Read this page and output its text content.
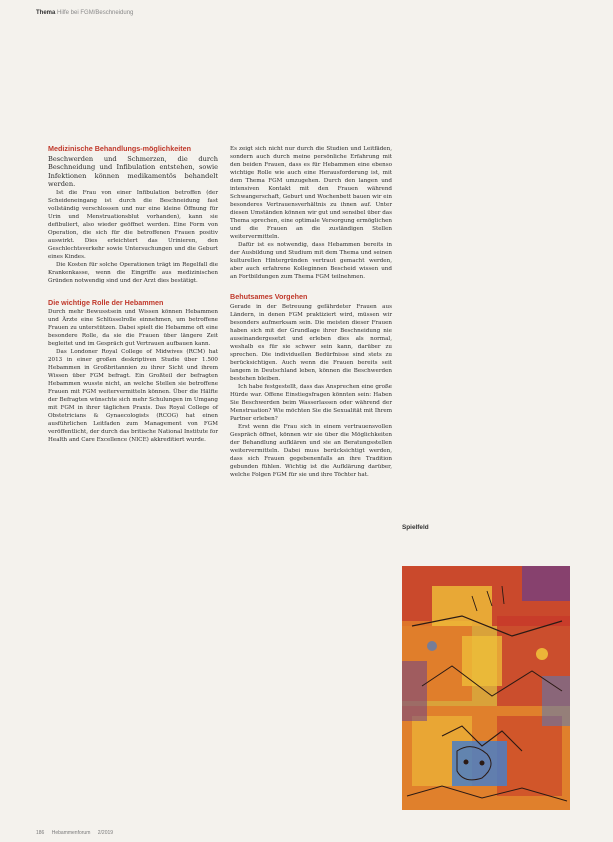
Thema Hilfe bei FGM/Beschneidung
Medizinische Behandlungs-möglichkeiten

Beschwerden und Schmerzen, die durch Beschneidung und Infibulation entstehen, sowie Infektionen können medikamentös behandelt werden.

Ist die Frau von einer Infibulation betroffen (der Scheideneingang ist durch die Beschneidung fast vollständig verschlossen und nur eine kleine Öffnung für Urin und Menstruationsblut vorhanden), kann sie defibuliert, also wieder geöffnet werden. Eine Form von Operation, die sich für die betroffenen Frauen positiv auswirkt. Dies erleichtert das Urinieren, den Geschlechtsverkehr sowie Untersuchungen und die Geburt eines Kindes.

Die Kosten für solche Operationen trägt im Regelfall die Krankenkasse, wenn die Eingriffe aus medizinischen Gründen notwendig sind und der Arzt dies bestätigt.

Die wichtige Rolle der Hebammen

Durch mehr Bewusstsein und Wissen können Hebammen und Ärzte eine Schlüsselrolle einnehmen, um betroffene Frauen zu unterstützen. Dabei spielt die Hebamme oft eine besondere Rolle, da sie die Frauen über längere Zeit begleitet und im Gespräch gut Vertrauen aufbauen kann.

Das Londoner Royal College of Midwives (RCM) hat 2013 in einer großen deskriptiven Studie über 1.500 Hebammen in Großbritannien zu ihrer Sicht und ihrem Wissen über FGM befragt. Ein Großteil der befragten Hebammen wusste nicht, an welche Stellen sie betroffene Frauen mit FGM weitervermitteln können. Über die Hälfte der Befragten wünschte sich mehr Schulungen im Umgang mit FGM in ihrer täglichen Praxis. Das Royal College of Obstetricians & Gynaecologists (RCOG) hat einen ausführlichen Leitfaden zum Management von FGM veröffentlicht, der durch das britische National Institute for Health and Care Excellence (NICE) akkreditiert wurde.

Es zeigt sich nicht nur durch die Studien und Leitfäden, sondern auch durch meine persönliche Erfahrung mit den beiden Frauen, dass es für Hebammen eine ebenso wichtige Rolle wie auch eine Herausforderung ist, mit dem Thema FGM umzugehen. Durch den langen und intensiven Kontakt mit den Frauen während Schwangerschaft, Geburt und Wochenbett bauen wir ein besonderes Vertrauensverhältnis zu ihnen auf. Unter diesen Umständen können wir gut und sensibel über das Thema sprechen, eine optimale Versorgung ermöglichen und die Frauen an die zuständigen Stellen weitervermitteln.

Dafür ist es notwendig, dass Hebammen bereits in der Ausbildung und Studium mit dem Thema und seinen kulturellen Hintergründen vertraut gemacht werden, aber auch erfahrene Kolleginnen Bescheid wissen und an Fortbildungen zum Thema FGM teilnehmen.

Behutsames Vorgehen

Gerade in der Betreuung gefährdeter Frauen aus Ländern, in denen FGM praktiziert wird, müssen wir besonders aufmerksam sein. Die meisten dieser Frauen haben sich mit der Grundlage ihrer Beschneidung nie auseinandergesetzt und erleben dies als normal, weshalb es für sie schwer sein kann, darüber zu sprechen. Die individuellen Bedürfnisse sind stets zu berücksichtigen. Auch wenn die Frauen bereits seit langem in Deutschland leben, können die Beschwerden bestehen bleiben.

Ich habe festgestellt, dass das Ansprechen eine große Hürde war. Offene Einstiegsfragen könnten sein: Haben Sie Beschwerden beim Wasserlassen oder während der Menstruation? Wie möchten Sie die Sexualität mit Ihrem Partner erleben?

Erst wenn die Frau sich in einem vertrauensvollen Gespräch öffnet, können wir sie über die Möglichkeiten der Behandlung aufklären und sie an Beratungsstellen weitervermitteln. Dabei muss berücksichtigt werden, dass sich Frauen gegebenenfalls an ihre Tradition gebunden fühlen. Wichtig ist die Aufklärung darüber, welche Folgen FGM für sie und ihre Töchter hat.

Spielfeld
186 Hebammenforum 2/2019
